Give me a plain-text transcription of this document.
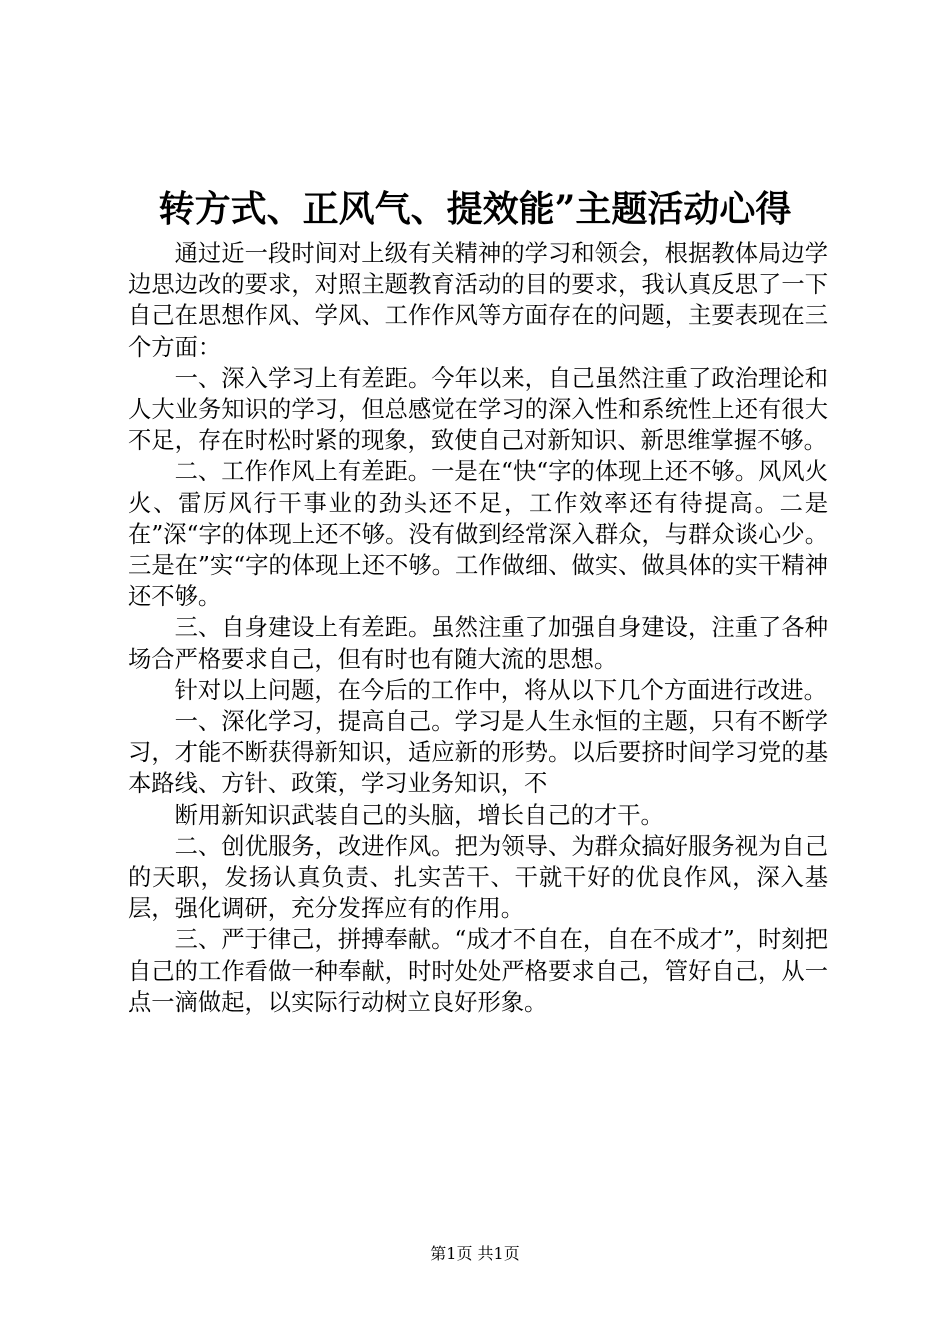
转方式、正风气、提效能”主题活动心得

通过近一段时间对上级有关精神的学习和领会，根据教体局边学边思边改的要求，对照主题教育活动的目的要求，我认真反思了一下自己在思想作风、学风、工作作风等方面存在的问题，主要表现在三个方面：

一、深入学习上有差距。今年以来，自己虽然注重了政治理论和人大业务知识的学习，但总感觉在学习的深入性和系统性上还有很大不足，存在时松时紧的现象，致使自己对新知识、新思维掌握不够。

二、工作作风上有差距。一是在“快“字的体现上还不够。风风火火、雷厉风行干事业的劲头还不足，工作效率还有待提高。二是在”深“字的体现上还不够。没有做到经常深入群众，与群众谈心少。三是在”实“字的体现上还不够。工作做细、做实、做具体的实干精神还不够。

三、自身建设上有差距。虽然注重了加强自身建设，注重了各种场合严格要求自己，但有时也有随大流的思想。

针对以上问题，在今后的工作中，将从以下几个方面进行改进。

一、深化学习，提高自己。学习是人生永恒的主题，只有不断学习，才能不断获得新知识，适应新的形势。以后要挤时间学习党的基本路线、方针、政策，学习业务知识，不

断用新知识武装自己的头脑，增长自己的才干。

二、创优服务，改进作风。把为领导、为群众搞好服务视为自己的天职，发扬认真负责、扎实苦干、干就干好的优良作风，深入基层，强化调研，充分发挥应有的作用。

三、严于律己，拼搏奉献。“成才不自在，自在不成才”，时刻把自己的工作看做一种奉献，时时处处严格要求自己，管好自己，从一点一滴做起，以实际行动树立良好形象。

第1页 共1页
